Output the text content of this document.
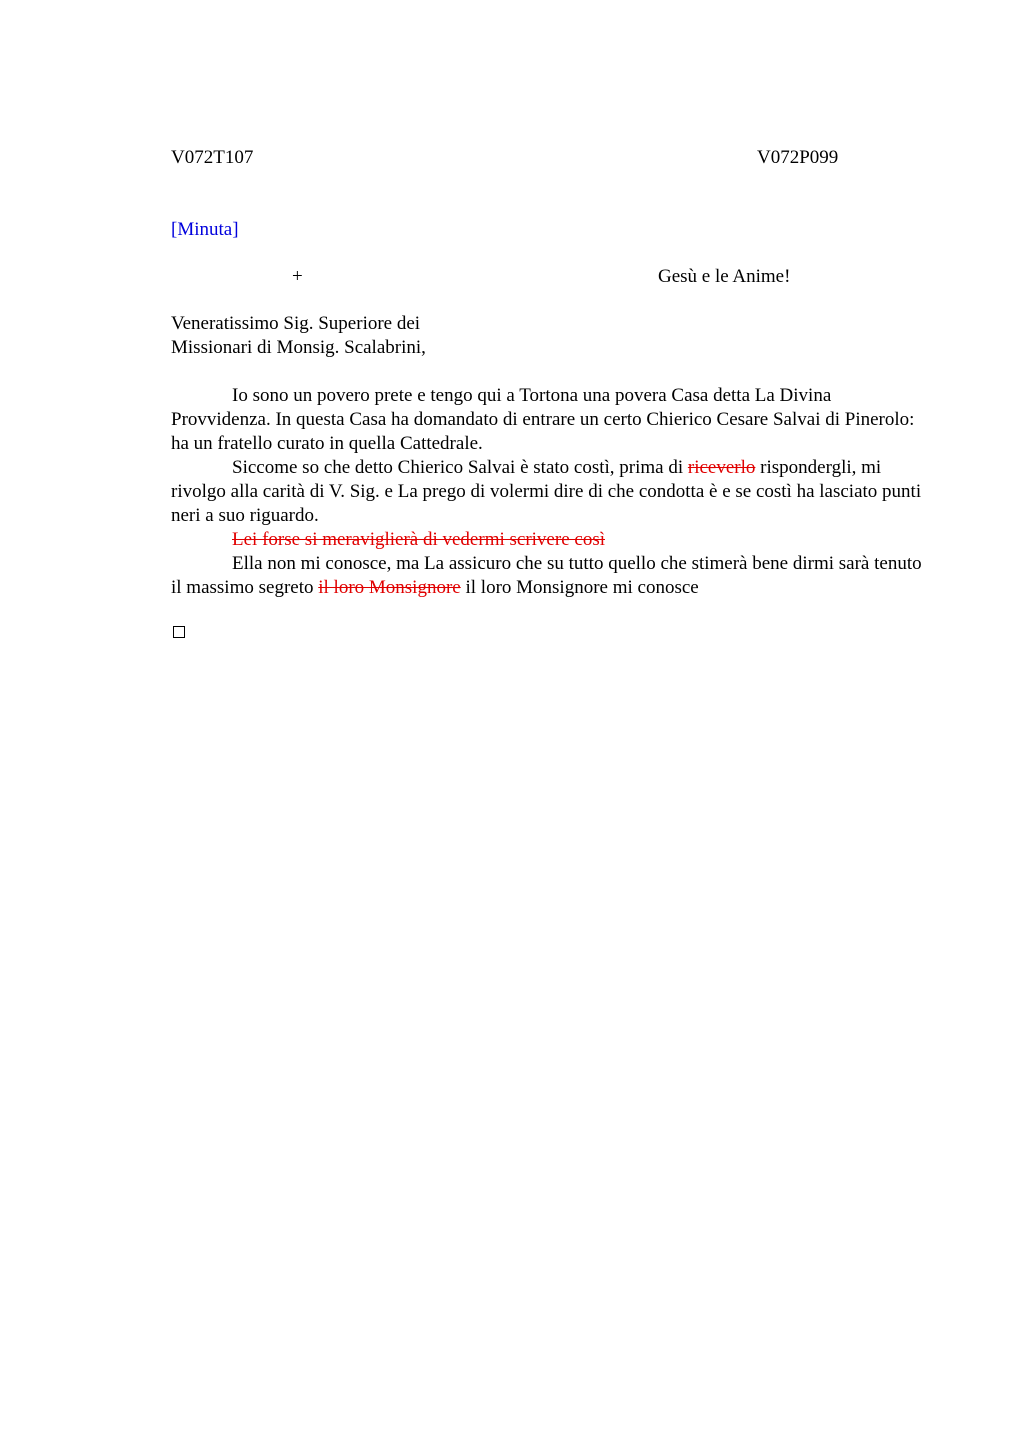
V072T107	V072P099
[Minuta]
+	Gesù e le Anime!
Veneratissimo Sig. Superiore dei
Missionari di Monsig. Scalabrini,

Io sono un povero prete e tengo qui a Tortona una povera Casa detta La Divina Provvidenza. In questa Casa ha domandato di entrare un certo Chierico Cesare Salvai di Pinerolo: ha un fratello curato in quella Cattedrale.

Siccome so che detto Chierico Salvai è stato costì, prima di riceverlo rispondergli, mi rivolgo alla carità di V. Sig. e La prego di volermi dire di che condotta è e se costì ha lasciato punti neri a suo riguardo.

Lei forse si meraviglierà di vedermi scrivere così

Ella non mi conosce, ma La assicuro che su tutto quello che stimerà bene dirmi sarà tenuto il massimo segreto il loro Monsignore il loro Monsignore mi conosce
